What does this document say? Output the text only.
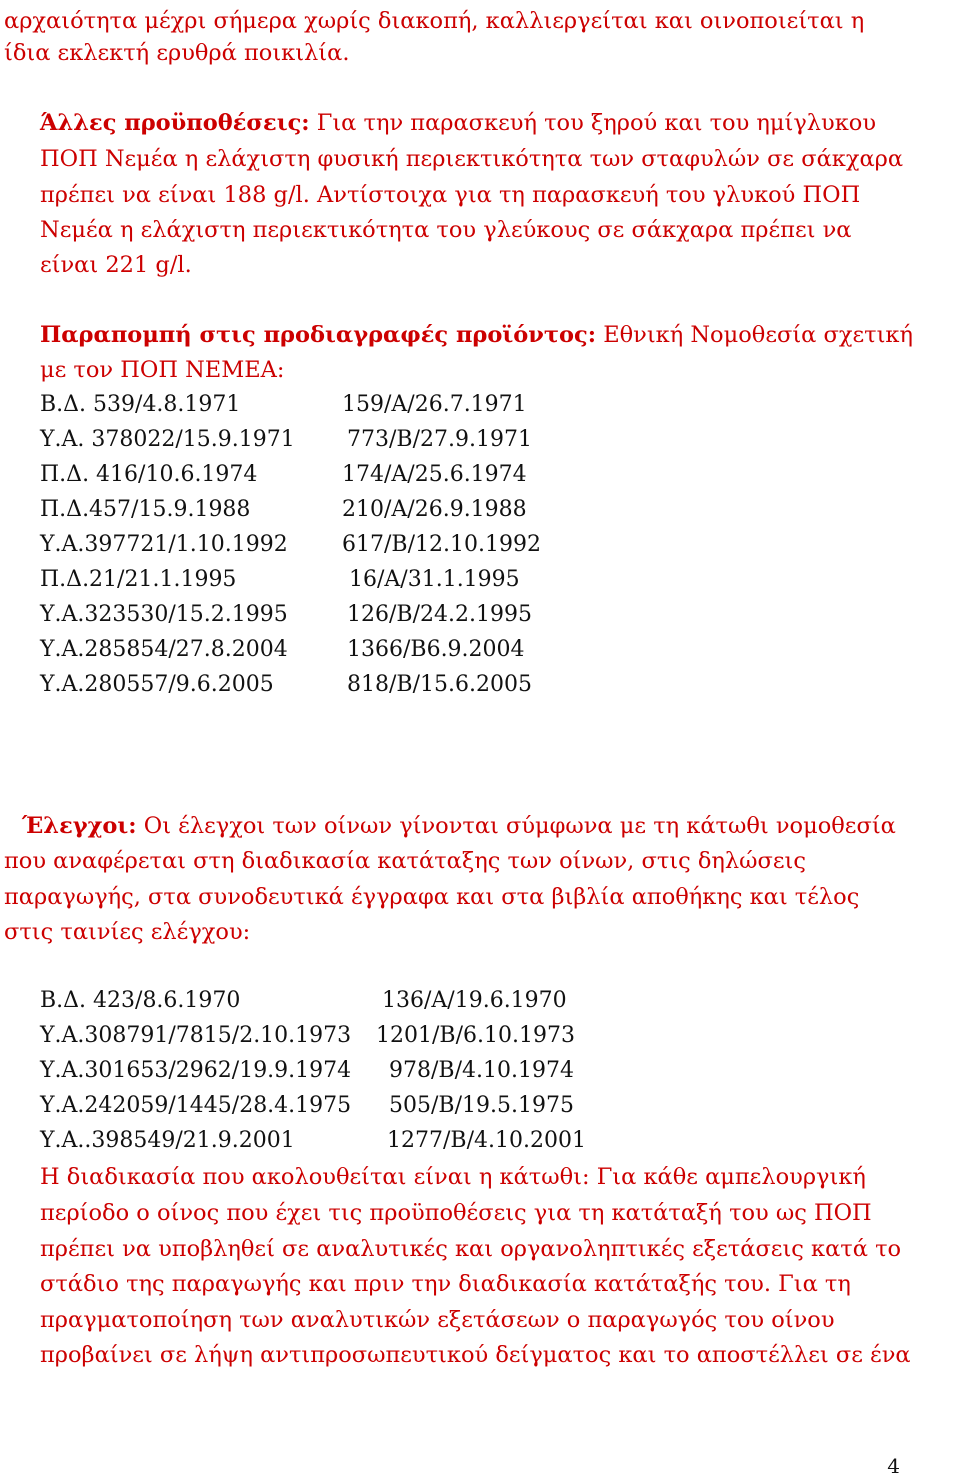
αρχαιότητα μέχρι σήμερα χωρίς διακοπή, καλλιεργείται και οινοποιείται η
ίδια εκλεκτή ερυθρά ποικιλία.
Άλλες προϋποθέσεις: Για την παρασκευή του ξηρού και του ημίγλυκου
ΠΟΠ Νεμέα η ελάχιστη φυσική περιεκτικότητα των σταφυλών σε σάκχαρα
πρέπει να είναι 188 g/l. Αντίστοιχα για τη παρασκευή του γλυκού ΠΟΠ
Νεμέα η ελάχιστη περιεκτικότητα του γλεύκους σε σάκχαρα πρέπει να
είναι 221 g/l.
Παραπομπή στις προδιαγραφές προϊόντος: Εθνική Νομοθεσία σχετική
με τον ΠΟΠ ΝΕΜΕΑ:
Β.Δ. 539/4.8.1971	159/Α/26.7.1971
Υ.Α. 378022/15.9.1971 773/Β/27.9.1971
Π.Δ. 416/10.6.1974	174/Α/25.6.1974
Π.Δ.457/15.9.1988	210/Α/26.9.1988
Υ.Α.397721/1.10.1992 617/Β/12.10.1992
Π.Δ.21/21.1.1995	16/Α/31.1.1995
Υ.Α.323530/15.2.1995	126/Β/24.2.1995
Υ.Α.285854/27.8.2004	1366/Β6.9.2004
Υ.Α.280557/9.6.2005	818/Β/15.6.2005
Έλεγχοι: Οι έλεγχοι των οίνων γίνονται σύμφωνα με τη κάτωθι νομοθεσία
που αναφέρεται στη διαδικασία κατάταξης των οίνων, στις δηλώσεις
παραγωγής, στα συνοδευτικά έγγραφα και στα βιβλία αποθήκης και τέλος
στις ταινίες ελέγχου:
Β.Δ. 423/8.6.1970	136/Α/19.6.1970
Υ.Α.308791/7815/2.10.1973 1201/Β/6.10.1973
Υ.Α.301653/2962/19.9.1974 978/Β/4.10.1974
Υ.Α.242059/1445/28.4.1975 505/Β/19.5.1975
Υ.Α..398549/21.9.2001	1277/Β/4.10.2001
Η διαδικασία που ακολουθείται είναι η κάτωθι: Για κάθε αμπελουργική
περίοδο ο οίνος που έχει τις προϋποθέσεις για τη κατάταξή του ως ΠΟΠ
πρέπει να υποβληθεί σε αναλυτικές και οργανοληπτικές εξετάσεις κατά το
στάδιο της παραγωγής και πριν την διαδικασία κατάταξής του. Για τη
πραγματοποίηση των αναλυτικών εξετάσεων ο παραγωγός του οίνου
προβαίνει σε λήψη αντιπροσωπευτικού δείγματος και το αποστέλλει σε ένα
4
